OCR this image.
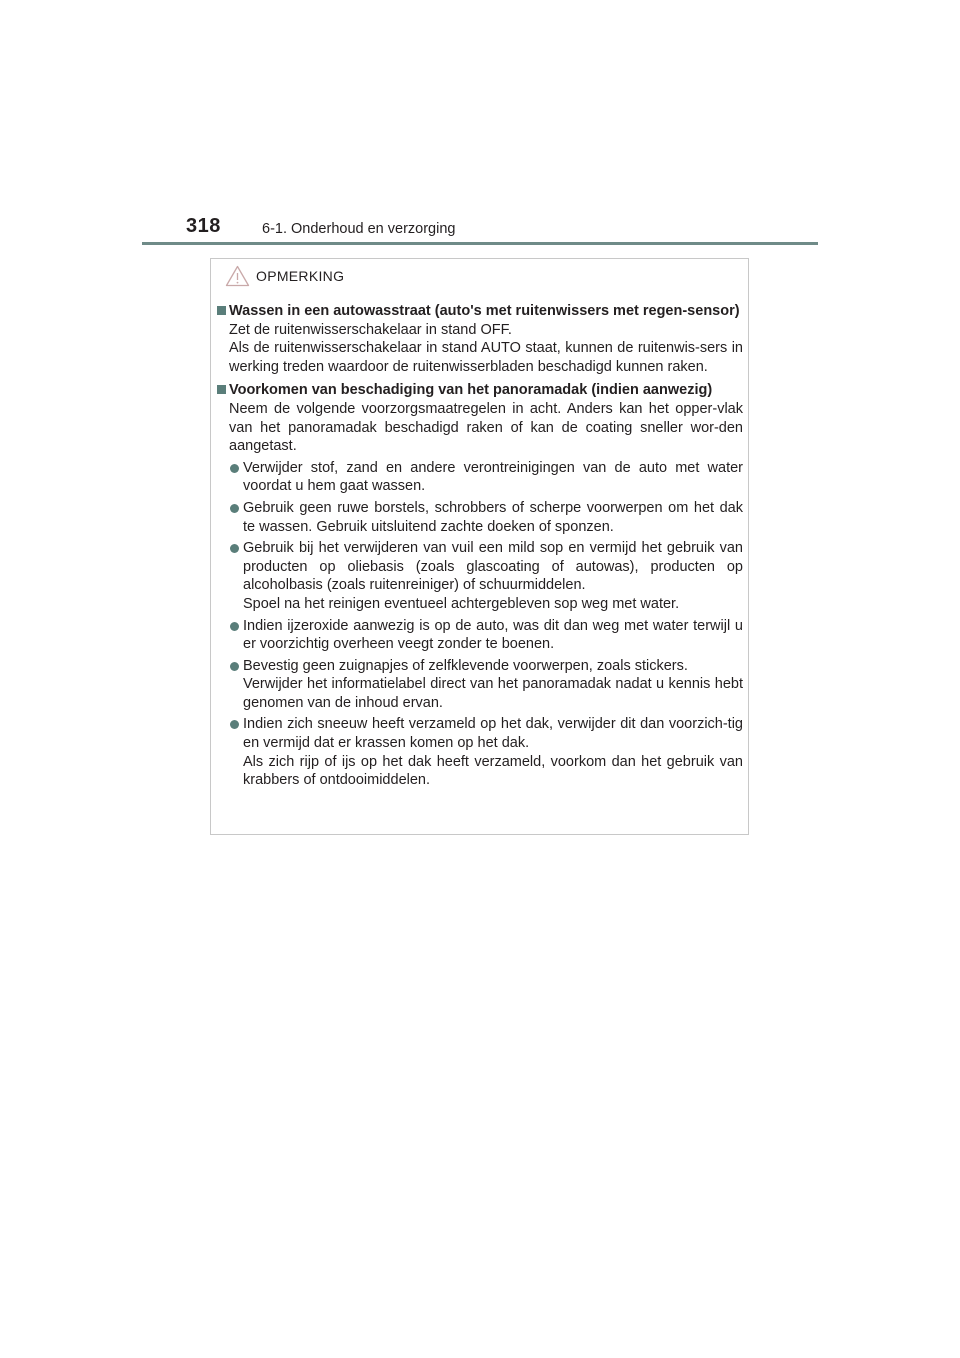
318	6-1. Onderhoud en verzorging
OPMERKING
Wassen in een autowasstraat (auto's met ruitenwissers met regen-sensor)
Zet de ruitenwisserschakelaar in stand OFF.
Als de ruitenwisserschakelaar in stand AUTO staat, kunnen de ruitenwis-sers in werking treden waardoor de ruitenwisserbladen beschadigd kunnen raken.
Voorkomen van beschadiging van het panoramadak (indien aanwezig)
Neem de volgende voorzorgsmaatregelen in acht. Anders kan het opper-vlak van het panoramadak beschadigd raken of kan de coating sneller wor-den aangetast.
Verwijder stof, zand en andere verontreinigingen van de auto met water voordat u hem gaat wassen.
Gebruik geen ruwe borstels, schrobbers of scherpe voorwerpen om het dak te wassen. Gebruik uitsluitend zachte doeken of sponzen.
Gebruik bij het verwijderen van vuil een mild sop en vermijd het gebruik van producten op oliebasis (zoals glascoating of autowas), producten op alcoholbasis (zoals ruitenreiniger) of schuurmiddelen.
Spoel na het reinigen eventueel achtergebleven sop weg met water.
Indien ijzeroxide aanwezig is op de auto, was dit dan weg met water terwijl u er voorzichtig overheen veegt zonder te boenen.
Bevestig geen zuignapjes of zelfklevende voorwerpen, zoals stickers.
Verwijder het informatielabel direct van het panoramadak nadat u kennis hebt genomen van de inhoud ervan.
Indien zich sneeuw heeft verzameld op het dak, verwijder dit dan voorzich-tig en vermijd dat er krassen komen op het dak.
Als zich rijp of ijs op het dak heeft verzameld, voorkom dan het gebruik van krabbers of ontdooimiddelen.
